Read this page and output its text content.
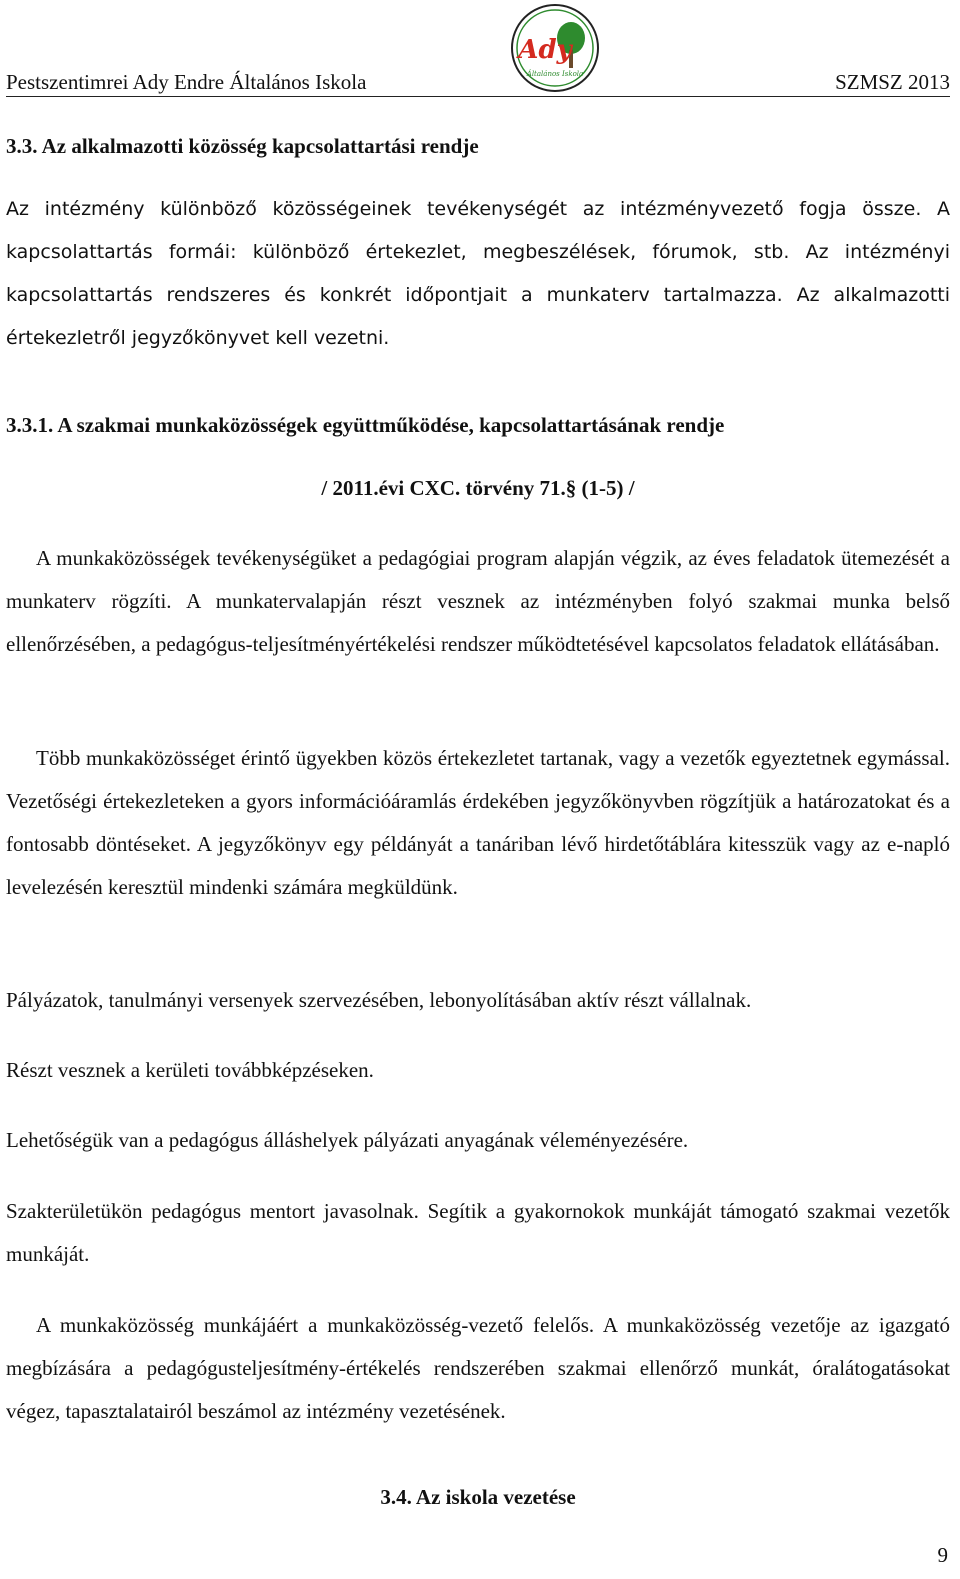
Pestszentimrei Ady Endre Általános Iskola	SZMSZ 2013
Ady
Általános Iskola
3.3. Az alkalmazotti közösség kapcsolattartási rendje
Az intézmény különböző közösségeinek tevékenységét az intézményvezető fogja össze. A
kapcsolattartás formái: különböző értekezlet, megbeszélések, fórumok, stb. Az intézményi
kapcsolattartás rendszeres és konkrét időpontjait a munkaterv tartalmazza. Az alkalmazotti
értekezletről jegyzőkönyvet kell vezetni.
3.3.1. A szakmai munkaközösségek együttműködése, kapcsolattartásának rendje
/ 2011.évi CXC. törvény 71.§ (1-5) /
A munkaközösségek tevékenységüket a pedagógiai program alapján végzik, az éves feladatok ütemezését a munkaterv rögzíti. A munkatervalapján részt vesznek az intézményben folyó szakmai munka belső ellenőrzésében, a pedagógus-teljesítményértékelési rendszer működtetésével kapcsolatos feladatok ellátásában.
Több munkaközösséget érintő ügyekben közös értekezletet tartanak, vagy a vezetők egyeztetnek egymással. Vezetőségi értekezleteken a gyors információáramlás érdekében jegyzőkönyvben rögzítjük a határozatokat és a fontosabb döntéseket. A jegyzőkönyv egy példányát a tanáriban lévő hirdetőtáblára kitesszük vagy az e-napló levelezésén keresztül mindenki számára megküldünk.
Pályázatok, tanulmányi versenyek szervezésében, lebonyolításában aktív részt vállalnak.
Részt vesznek a kerületi továbbképzéseken.
Lehetőségük van a pedagógus álláshelyek pályázati anyagának véleményezésére.
Szakterületükön pedagógus mentort javasolnak. Segítik a gyakornokok munkáját támogató szakmai vezetők munkáját.
A munkaközösség munkájáért a munkaközösség-vezető felelős. A munkaközösség vezetője az igazgató megbízására a pedagógusteljesítmény-értékelés rendszerében szakmai ellenőrző munkát, óralátogatásokat végez, tapasztalatairól beszámol az intézmény vezetésének.
3.4. Az iskola vezetése
9
